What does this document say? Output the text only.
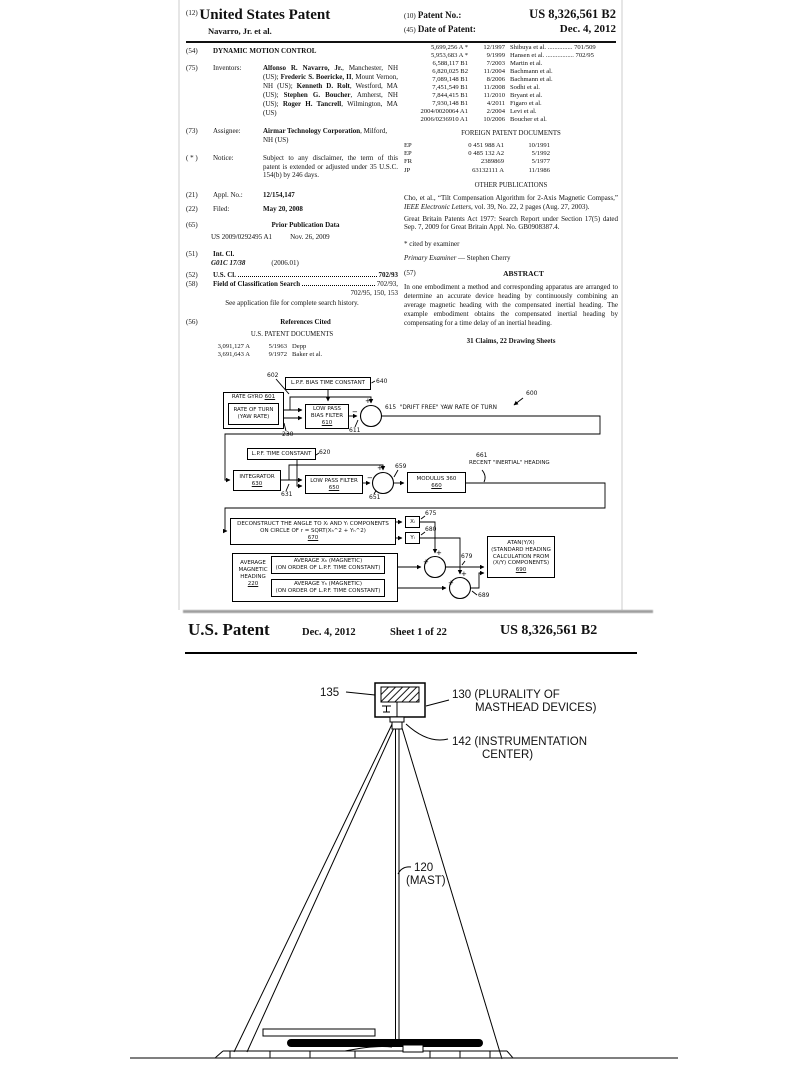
(12) United States Patent
Navarro, Jr. et al.
(10) Patent No.:	US 8,326,561 B2
(45) Date of Patent:	Dec. 4, 2012
(54)	DYNAMIC MOTION CONTROL
(75)	Inventors:	Alfonso R. Navarro, Jr., Manchester, NH (US); Frederic S. Boericke, II, Mount Vernon, NH (US); Kenneth D. Rolt, Westford, MA (US); Stephen G. Boucher, Amherst, NH (US); Roger H. Tancrell, Wilmington, MA (US)
(73)	Assignee:	Airmar Technology Corporation, Milford, NH (US)
( * )	Notice:	Subject to any disclaimer, the term of this patent is extended or adjusted under 35 U.S.C. 154(b) by 246 days.
(21)	Appl. No.:	12/154,147
(22)	Filed:	May 20, 2008
(65)	Prior Publication Data
US 2009/0292495 A1	Nov. 26, 2009
(51)	Int. Cl.
G01C 17/38	(2006.01)
(52)	U.S. Cl.	702/93
(58)	Field of Classification Search	702/93,
702/95, 150, 153
See application file for complete search history.
(56)	References Cited
U.S. PATENT DOCUMENTS
3,091,127 A	5/1963 Depp
3,691,643 A	9/1972 Baker et al.
5,699,256 A *	12/1997 Shibuya et al. ............... 701/509
5,953,683 A *	9/1999 Hansen et al. ................. 702/95
6,588,117 B1	7/2003 Martin et al.
6,820,025 B2	11/2004 Bachmann et al.
7,089,148 B1	8/2006 Bachmann et al.
7,451,549 B1	11/2008 Sodhi et al.
7,844,415 B1	11/2010 Bryant et al.
7,930,148 B1	4/2011 Figaro et al.
2004/0020064 A1	2/2004 Levi et al.
2006/0236910 A1	10/2006 Boucher et al.
FOREIGN PATENT DOCUMENTS
EP	0 451 988 A1	10/1991
EP	0 485 132 A2	5/1992
FR	2389869	5/1977
JP	63132111 A	11/1986
OTHER PUBLICATIONS
Cho, et al., “Tilt Compensation Algorithm for 2-Axis Magnetic Compass,” IEEE Electronic Letters, vol. 39, No. 22, 2 pages (Aug. 27, 2003).
Great Britain Patents Act 1977: Search Report under Section 17(5) dated Sep. 7, 2009 for Great Britain Appl. No. GB0908387.4.
* cited by examiner
Primary Examiner — Stephen Cherry
(57)	ABSTRACT
In one embodiment a method and corresponding apparatus are arranged to determine an accurate device heading by continuously combining an average magnetic heading with the compensated inertial heading. The example embodiment obtains the compensated inertial heading by compensating for a time delay of an inertial heading.
31 Claims, 22 Drawing Sheets
+
−
+
−
+
+
+
+
L.P.F. BIAS TIME CONSTANT
RATE GYRO 601
RATE OF TURN
(YAW RATE)
LOW PASS
BIAS FILTER
610
L.P.F. TIME CONSTANT
INTEGRATOR
630	LOW PASS FILTER
650
MODULUS 360
660
DECONSTRUCT THE ANGLE TO Xᵢ AND Yᵢ COMPONENTS
ON CIRCLE OF r = SQRT(Xₕ^2 + Yₕ^2)
670
Xᵢ
Yᵢ
AVERAGE
MAGNETIC
HEADING
220
AVERAGE Xₕ (MAGNETIC)
(ON ORDER OF L.P.F. TIME CONSTANT)
AVERAGE Yₕ (MAGNETIC)
(ON ORDER OF L.P.F. TIME CONSTANT)
ATAN(Y/X)
(STANDARD HEADING
CALCULATION FROM
(X/Y) COMPONENTS)
690
602
640
230
611
615 "DRIFT FREE" YAW RATE OF TURN
600
620
631	651
659
661
RECENT "INERTIAL" HEADING
675
680
679
689
U.S. Patent	Dec. 4, 2012	Sheet 1 of 22	US 8,326,561 B2
135	130 (PLURALITY OF
MASTHEAD DEVICES)
142 (INSTRUMENTATION
CENTER)
120
(MAST)
